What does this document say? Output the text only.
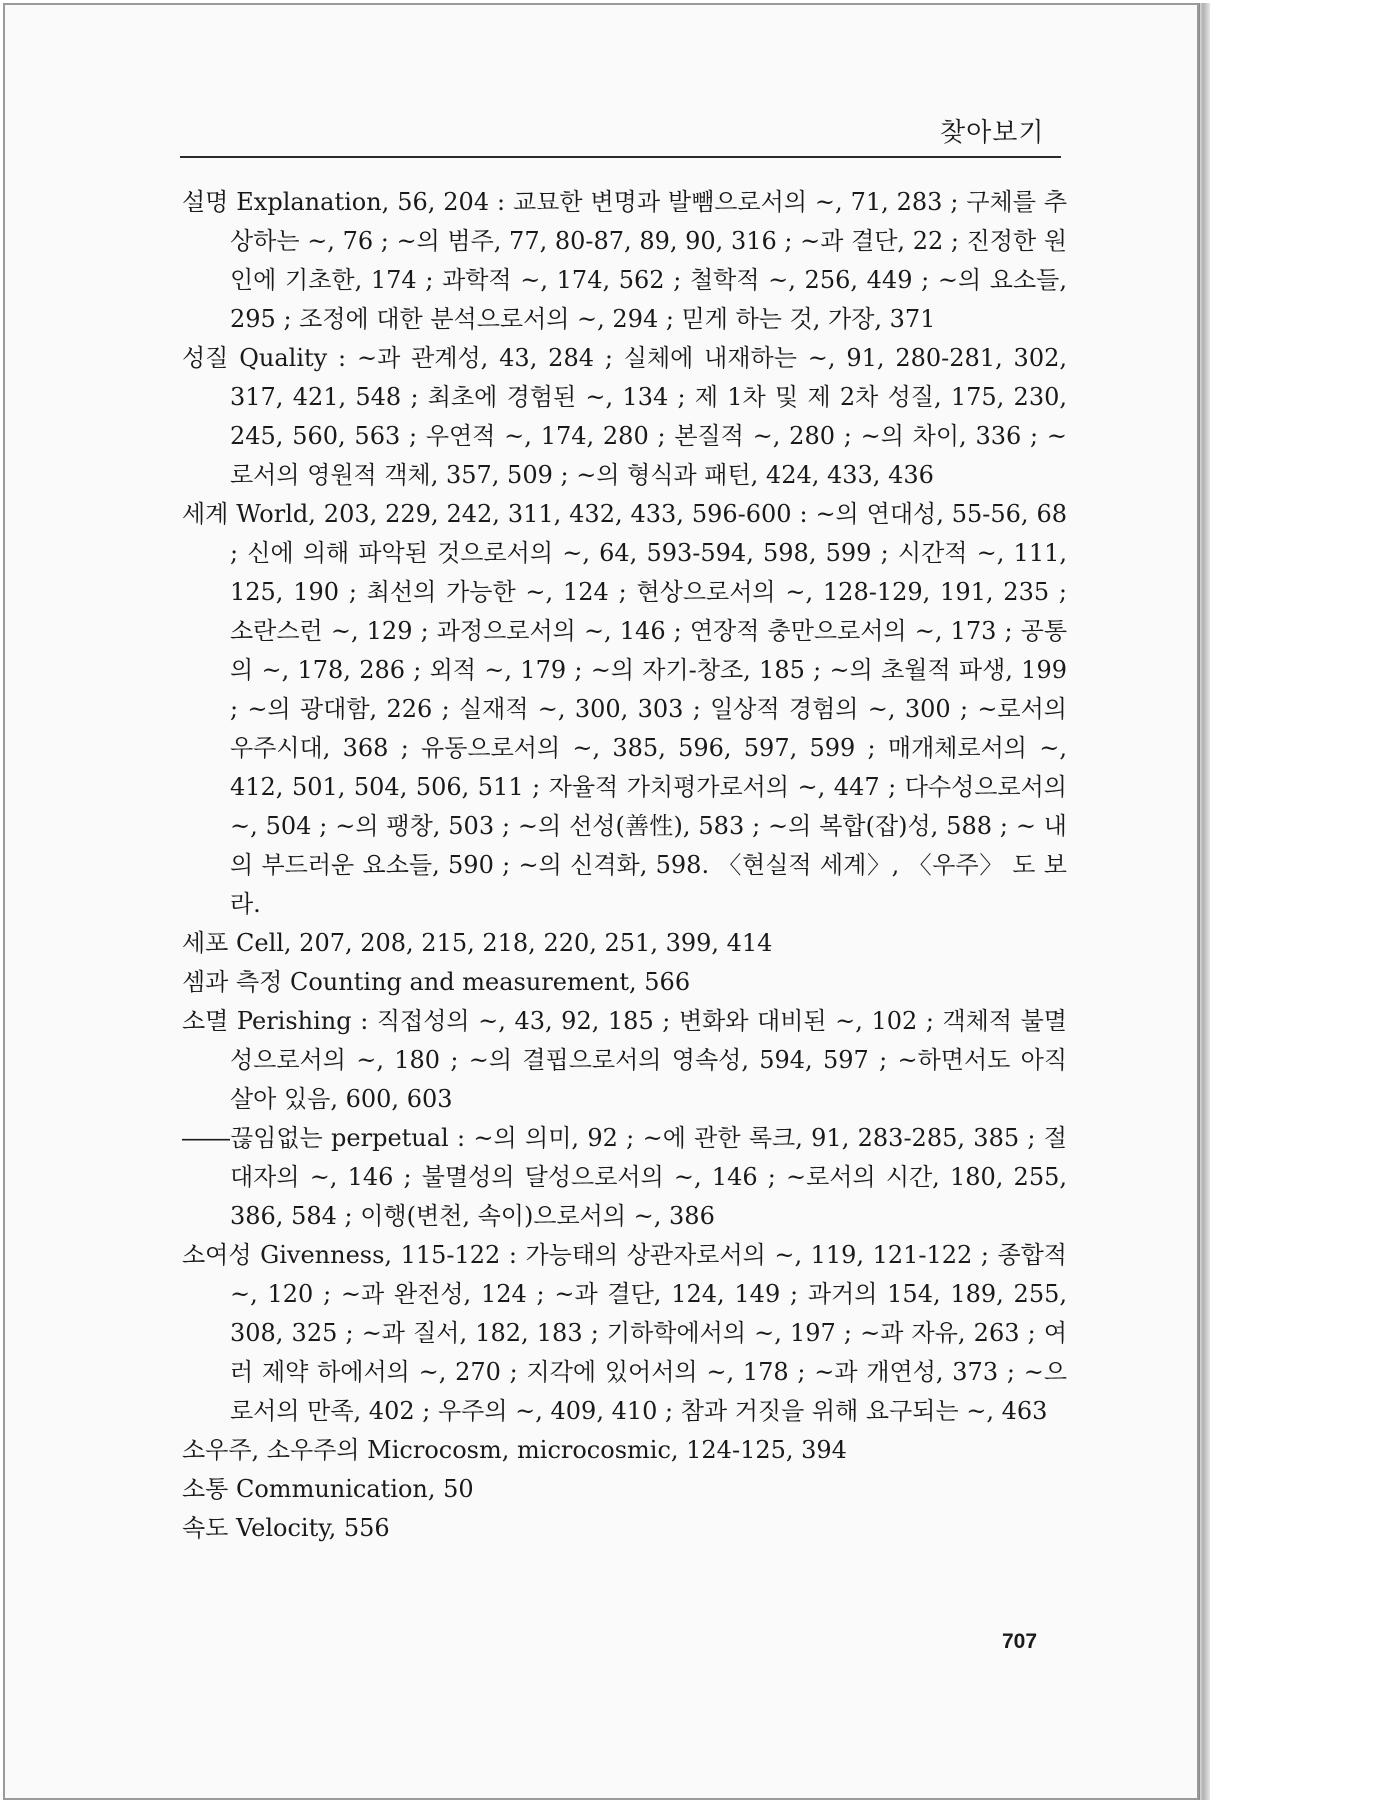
찾아보기
설명 Explanation, 56, 204 : 교묘한 변명과 발뺌으로서의 ~, 71, 283 ; 구체를 추상하는 ~, 76 ; ~의 범주, 77, 80-87, 89, 90, 316 ; ~과 결단, 22 ; 진정한 원인에 기초한, 174 ; 과학적 ~, 174, 562 ; 철학적 ~, 256, 449 ; ~의 요소들, 295 ; 조정에 대한 분석으로서의 ~, 294 ; 믿게 하는 것, 가장, 371
성질 Quality : ~과 관계성, 43, 284 ; 실체에 내재하는 ~, 91, 280-281, 302, 317, 421, 548 ; 최초에 경험된 ~, 134 ; 제 1차 및 제 2차 성질, 175, 230, 245, 560, 563 ; 우연적 ~, 174, 280 ; 본질적 ~, 280 ; ~의 차이, 336 ; ~로서의 영원적 객체, 357, 509 ; ~의 형식과 패턴, 424, 433, 436
세계 World, 203, 229, 242, 311, 432, 433, 596-600 : ~의 연대성, 55-56, 68 ; 신에 의해 파악된 것으로서의 ~, 64, 593-594, 598, 599 ; 시간적 ~, 111, 125, 190 ; 최선의 가능한 ~, 124 ; 현상으로서의 ~, 128-129, 191, 235 ; 소란스런 ~, 129 ; 과정으로서의 ~, 146 ; 연장적 충만으로서의 ~, 173 ; 공통의 ~, 178, 286 ; 외적 ~, 179 ; ~의 자기-창조, 185 ; ~의 초월적 파생, 199 ; ~의 광대함, 226 ; 실재적 ~, 300, 303 ; 일상적 경험의 ~, 300 ; ~로서의 우주시대, 368 ; 유동으로서의 ~, 385, 596, 597, 599 ; 매개체로서의 ~, 412, 501, 504, 506, 511 ; 자율적 가치평가로서의 ~, 447 ; 다수성으로서의 ~, 504 ; ~의 팽창, 503 ; ~의 선성(善性), 583 ; ~의 복합(잡)성, 588 ; ~ 내의 부드러운 요소들, 590 ; ~의 신격화, 598. 〈현실적 세계〉, 〈우주〉 도 보라.
세포 Cell, 207, 208, 215, 218, 220, 251, 399, 414
셈과 측정 Counting and measurement, 566
소멸 Perishing : 직접성의 ~, 43, 92, 185 ; 변화와 대비된 ~, 102 ; 객체적 불멸성으로서의 ~, 180 ; ~의 결핍으로서의 영속성, 594, 597 ; ~하면서도 아직 살아 있음, 600, 603
――끊임없는 perpetual : ~의 의미, 92 ; ~에 관한 록크, 91, 283-285, 385 ; 절대자의 ~, 146 ; 불멸성의 달성으로서의 ~, 146 ; ~로서의 시간, 180, 255, 386, 584 ; 이행(변천, 속이)으로서의 ~, 386
소여성 Givenness, 115-122 : 가능태의 상관자로서의 ~, 119, 121-122 ; 종합적 ~, 120 ; ~과 완전성, 124 ; ~과 결단, 124, 149 ; 과거의 154, 189, 255, 308, 325 ; ~과 질서, 182, 183 ; 기하학에서의 ~, 197 ; ~과 자유, 263 ; 여러 제약 하에서의 ~, 270 ; 지각에 있어서의 ~, 178 ; ~과 개연성, 373 ; ~으로서의 만족, 402 ; 우주의 ~, 409, 410 ; 참과 거짓을 위해 요구되는 ~, 463
소우주, 소우주의 Microcosm, microcosmic, 124-125, 394
소통 Communication, 50
속도 Velocity, 556
707
